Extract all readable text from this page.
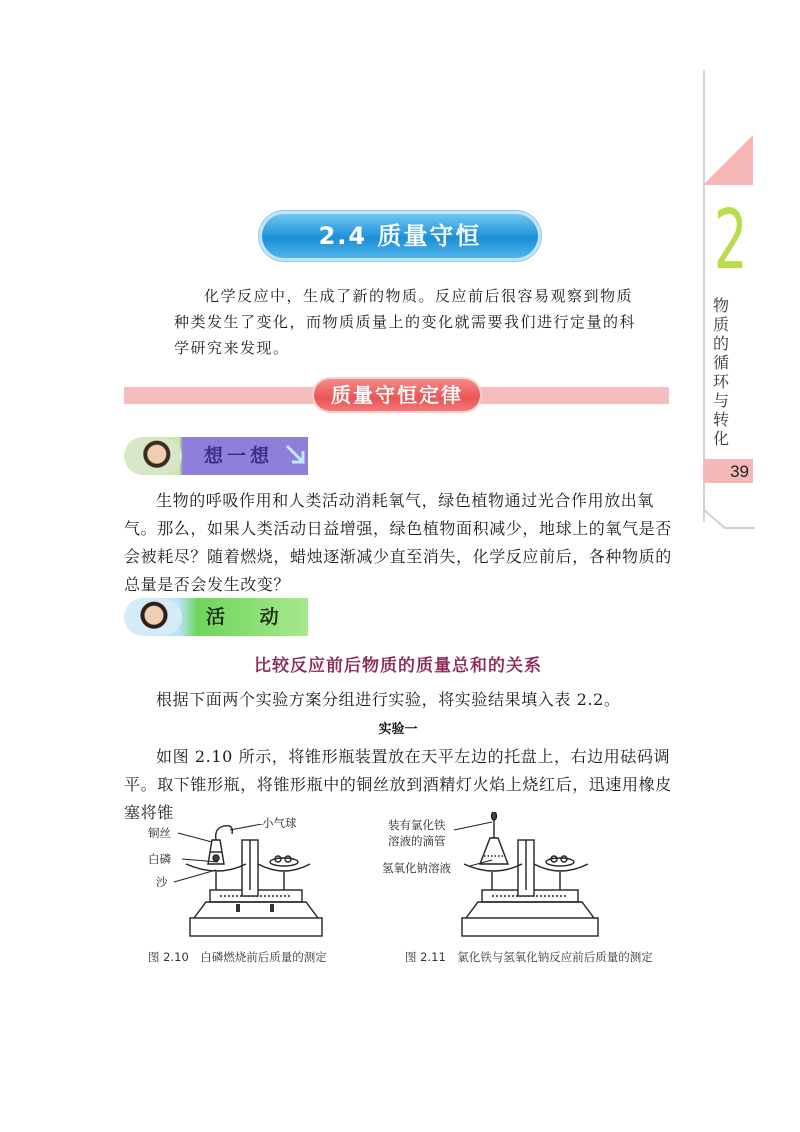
2
物质的循环与转化
39
2.4 质量守恒

化学反应中，生成了新的物质。反应前后很容易观察到物质种类发生了变化，而物质质量上的变化就需要我们进行定量的科学研究来发现。

质量守恒定律
想一想

生物的呼吸作用和人类活动消耗氧气，绿色植物通过光合作用放出氧气。那么，如果人类活动日益增强，绿色植物面积减少，地球上的氧气是否会被耗尽？随着燃烧，蜡烛逐渐减少直至消失，化学反应前后，各种物质的总量是否会发生改变？

活 动
比较反应前后物质的质量总和的关系

根据下面两个实验方案分组进行实验，将实验结果填入表 2.2。

实验一

如图 2.10 所示，将锥形瓶装置放在天平左边的托盘上，右边用砝码调平。取下锥形瓶，将锥形瓶中的铜丝放到酒精灯火焰上烧红后，迅速用橡皮塞将锥

铜丝
白磷
沙
小气球
图 2.10　白磷燃烧前后质量的测定
装有氯化铁
溶液的滴管
氢氧化钠溶液
图 2.11　氯化铁与氢氧化钠反应前后质量的测定
